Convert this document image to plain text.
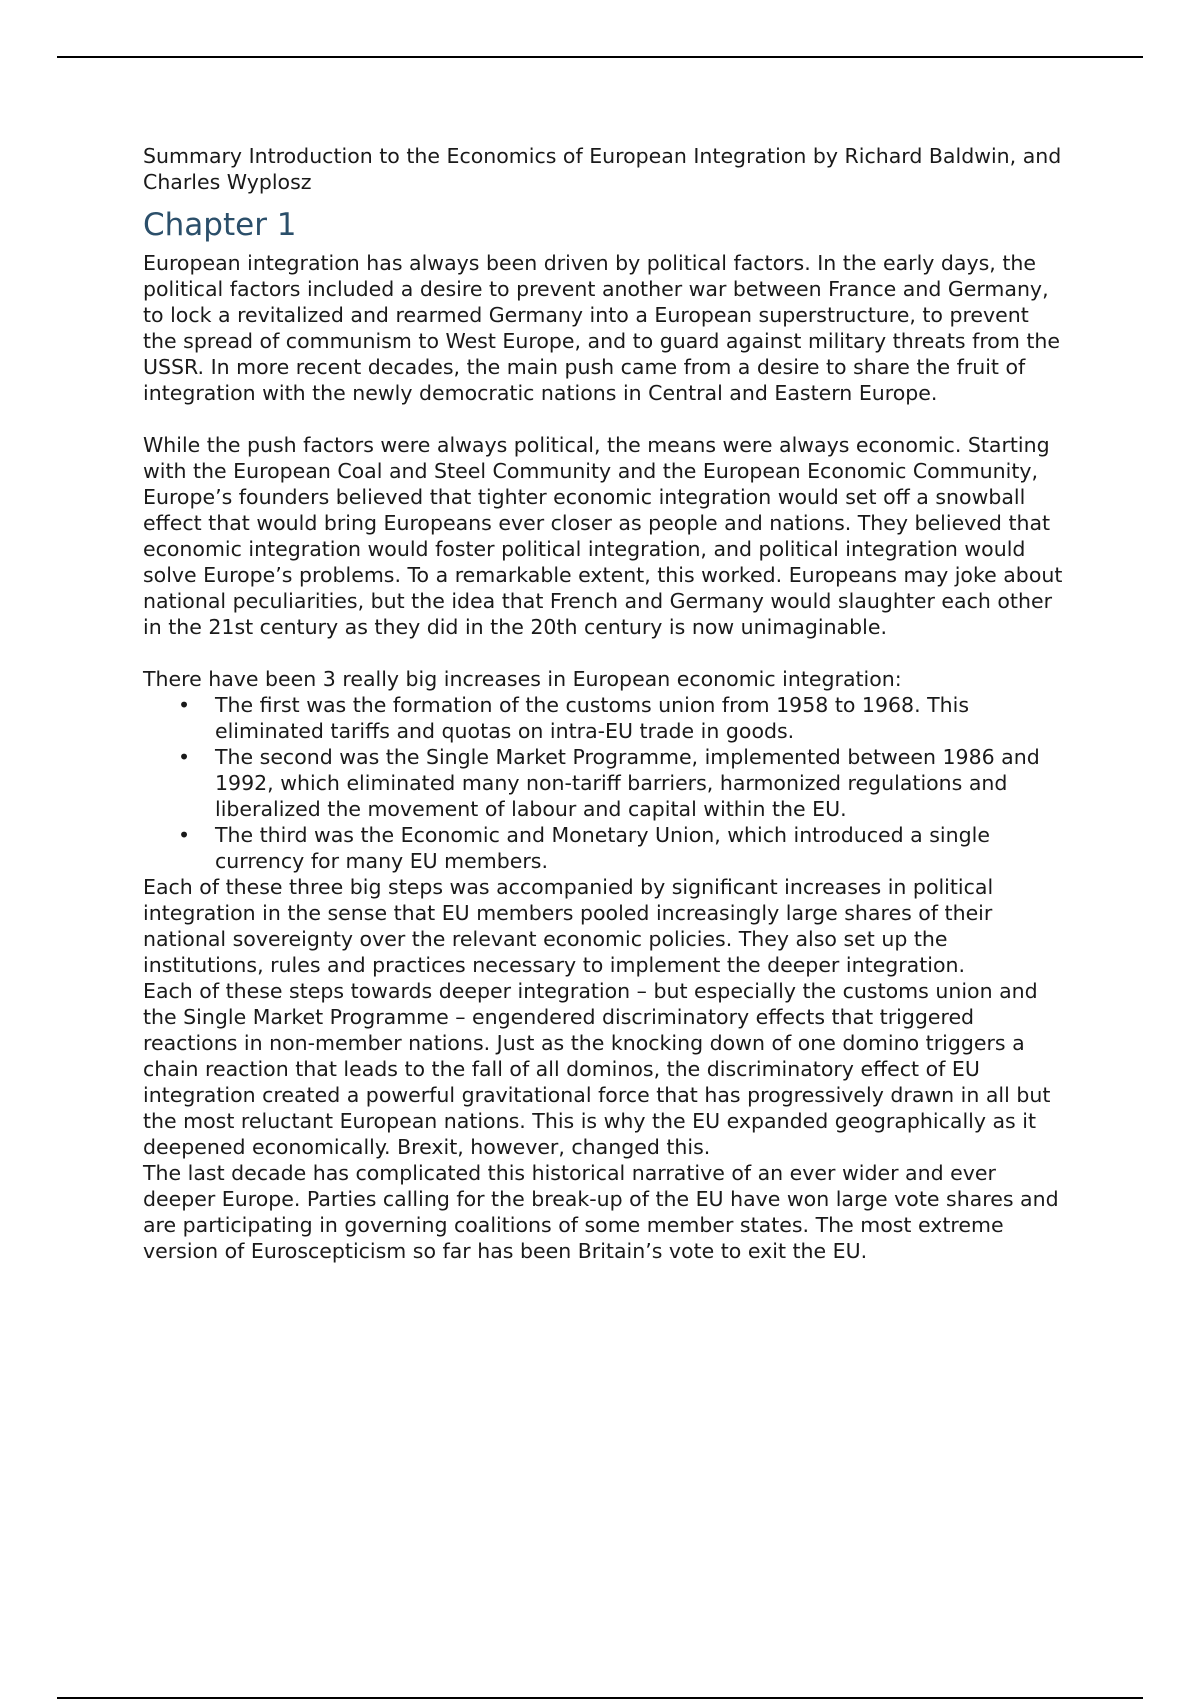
Summary Introduction to the Economics of European Integration by Richard Baldwin, and Charles Wyplosz

Chapter 1

European integration has always been driven by political factors. In the early days, the political factors included a desire to prevent another war between France and Germany, to lock a revitalized and rearmed Germany into a European superstructure, to prevent the spread of communism to West Europe, and to guard against military threats from the USSR. In more recent decades, the main push came from a desire to share the fruit of integration with the newly democratic nations in Central and Eastern Europe.

While the push factors were always political, the means were always economic. Starting with the European Coal and Steel Community and the European Economic Community, Europe’s founders believed that tighter economic integration would set off a snowball effect that would bring Europeans ever closer as people and nations. They believed that economic integration would foster political integration, and political integration would solve Europe’s problems. To a remarkable extent, this worked. Europeans may joke about national peculiarities, but the idea that French and Germany would slaughter each other in the 21st century as they did in the 20th century is now unimaginable.

There have been 3 really big increases in European economic integration:

• The first was the formation of the customs union from 1958 to 1968. This eliminated tariffs and quotas on intra-EU trade in goods.
• The second was the Single Market Programme, implemented between 1986 and 1992, which eliminated many non-tariff barriers, harmonized regulations and liberalized the movement of labour and capital within the EU.
• The third was the Economic and Monetary Union, which introduced a single currency for many EU members.

Each of these three big steps was accompanied by significant increases in political integration in the sense that EU members pooled increasingly large shares of their national sovereignty over the relevant economic policies. They also set up the institutions, rules and practices necessary to implement the deeper integration.

Each of these steps towards deeper integration – but especially the customs union and the Single Market Programme – engendered discriminatory effects that triggered reactions in non-member nations. Just as the knocking down of one domino triggers a chain reaction that leads to the fall of all dominos, the discriminatory effect of EU integration created a powerful gravitational force that has progressively drawn in all but the most reluctant European nations. This is why the EU expanded geographically as it deepened economically. Brexit, however, changed this.

The last decade has complicated this historical narrative of an ever wider and ever deeper Europe. Parties calling for the break-up of the EU have won large vote shares and are participating in governing coalitions of some member states. The most extreme version of Euroscepticism so far has been Britain’s vote to exit the EU.
